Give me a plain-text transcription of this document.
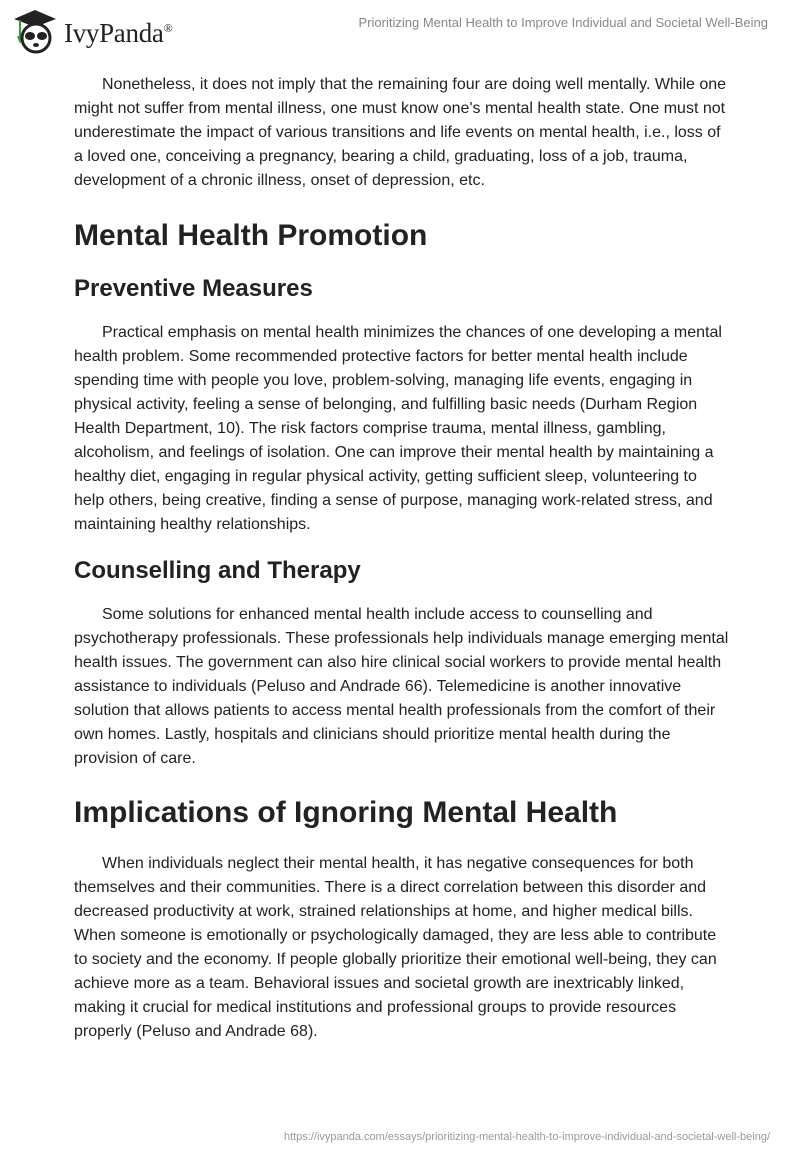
IvyPanda®	Prioritizing Mental Health to Improve Individual and Societal Well-Being

Nonetheless, it does not imply that the remaining four are doing well mentally. While one might not suffer from mental illness, one must know one's mental health state. One must not underestimate the impact of various transitions and life events on mental health, i.e., loss of a loved one, conceiving a pregnancy, bearing a child, graduating, loss of a job, trauma, development of a chronic illness, onset of depression, etc.

Mental Health Promotion
Preventive Measures

Practical emphasis on mental health minimizes the chances of one developing a mental health problem. Some recommended protective factors for better mental health include spending time with people you love, problem-solving, managing life events, engaging in physical activity, feeling a sense of belonging, and fulfilling basic needs (Durham Region Health Department, 10). The risk factors comprise trauma, mental illness, gambling, alcoholism, and feelings of isolation. One can improve their mental health by maintaining a healthy diet, engaging in regular physical activity, getting sufficient sleep, volunteering to help others, being creative, finding a sense of purpose, managing work-related stress, and maintaining healthy relationships.

Counselling and Therapy

Some solutions for enhanced mental health include access to counselling and psychotherapy professionals. These professionals help individuals manage emerging mental health issues. The government can also hire clinical social workers to provide mental health assistance to individuals (Peluso and Andrade 66). Telemedicine is another innovative solution that allows patients to access mental health professionals from the comfort of their own homes. Lastly, hospitals and clinicians should prioritize mental health during the provision of care.

Implications of Ignoring Mental Health

When individuals neglect their mental health, it has negative consequences for both themselves and their communities. There is a direct correlation between this disorder and decreased productivity at work, strained relationships at home, and higher medical bills. When someone is emotionally or psychologically damaged, they are less able to contribute to society and the economy. If people globally prioritize their emotional well-being, they can achieve more as a team. Behavioral issues and societal growth are inextricably linked, making it crucial for medical institutions and professional groups to provide resources properly (Peluso and Andrade 68).

https://ivypanda.com/essays/prioritizing-mental-health-to-improve-individual-and-societal-well-being/
